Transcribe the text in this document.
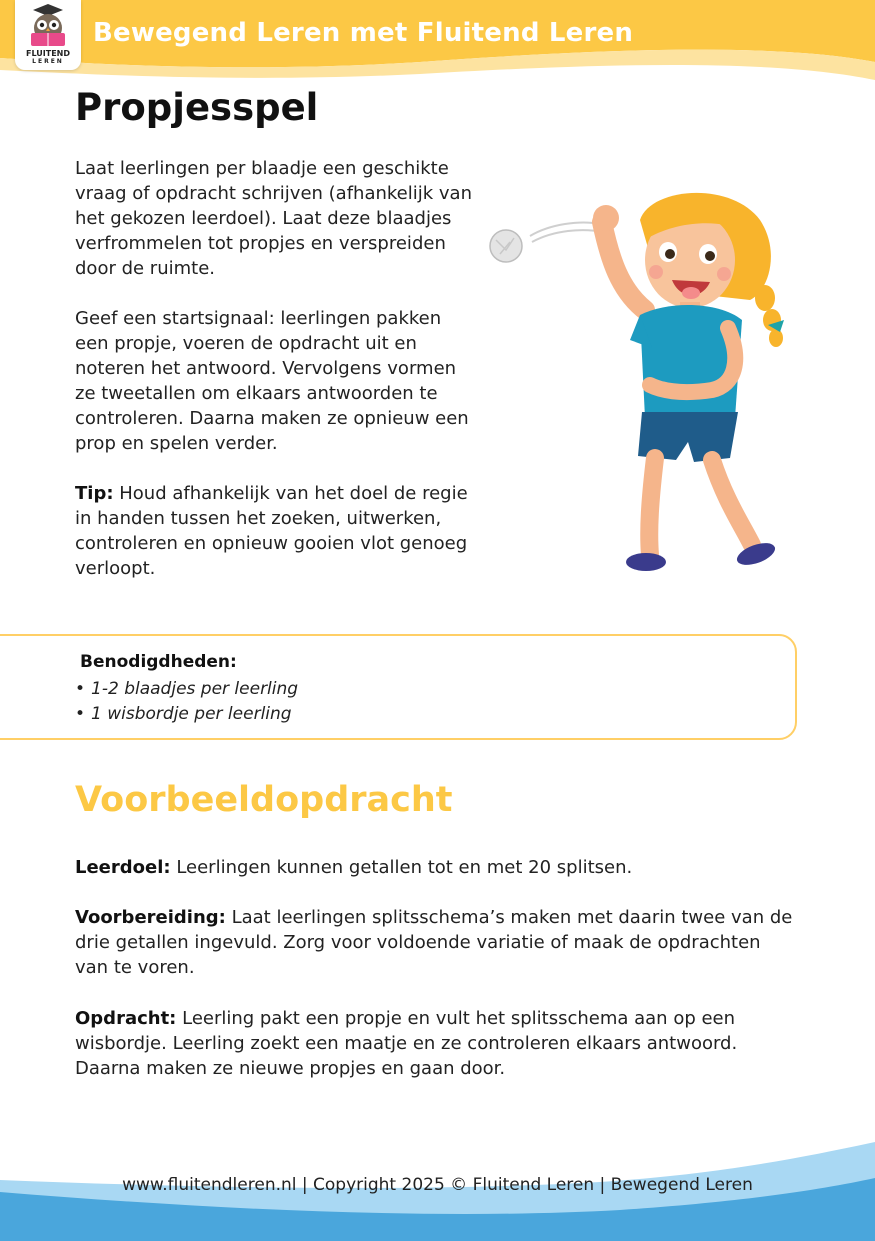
FLUITEND
LEREN
Bewegend Leren met Fluitend Leren
Propjesspel

Laat leerlingen per blaadje een geschikte vraag of opdracht schrijven (afhankelijk van het gekozen leerdoel). Laat deze blaadjes verfrommelen tot propjes en verspreiden door de ruimte.

Geef een startsignaal: leerlingen pakken een propje, voeren de opdracht uit en noteren het antwoord. Vervolgens vormen ze tweetallen om elkaars antwoorden te controleren. Daarna maken ze opnieuw een prop en spelen verder.

Tip: Houd afhankelijk van het doel de regie in handen tussen het zoeken, uitwerken, controleren en opnieuw gooien vlot genoeg verloopt.

Benodigdheden:
• 1-2 blaadjes per leerling
• 1 wisbordje per leerling
Voorbeeldopdracht

Leerdoel: Leerlingen kunnen getallen tot en met 20 splitsen.

Voorbereiding: Laat leerlingen splitsschema’s maken met daarin twee van de drie getallen ingevuld. Zorg voor voldoende variatie of maak de opdrachten van te voren.

Opdracht: Leerling pakt een propje en vult het splitsschema aan op een wisbordje. Leerling zoekt een maatje en ze controleren elkaars antwoord. Daarna maken ze nieuwe propjes en gaan door.

www.fluitendleren.nl | Copyright 2025 © Fluitend Leren | Bewegend Leren
